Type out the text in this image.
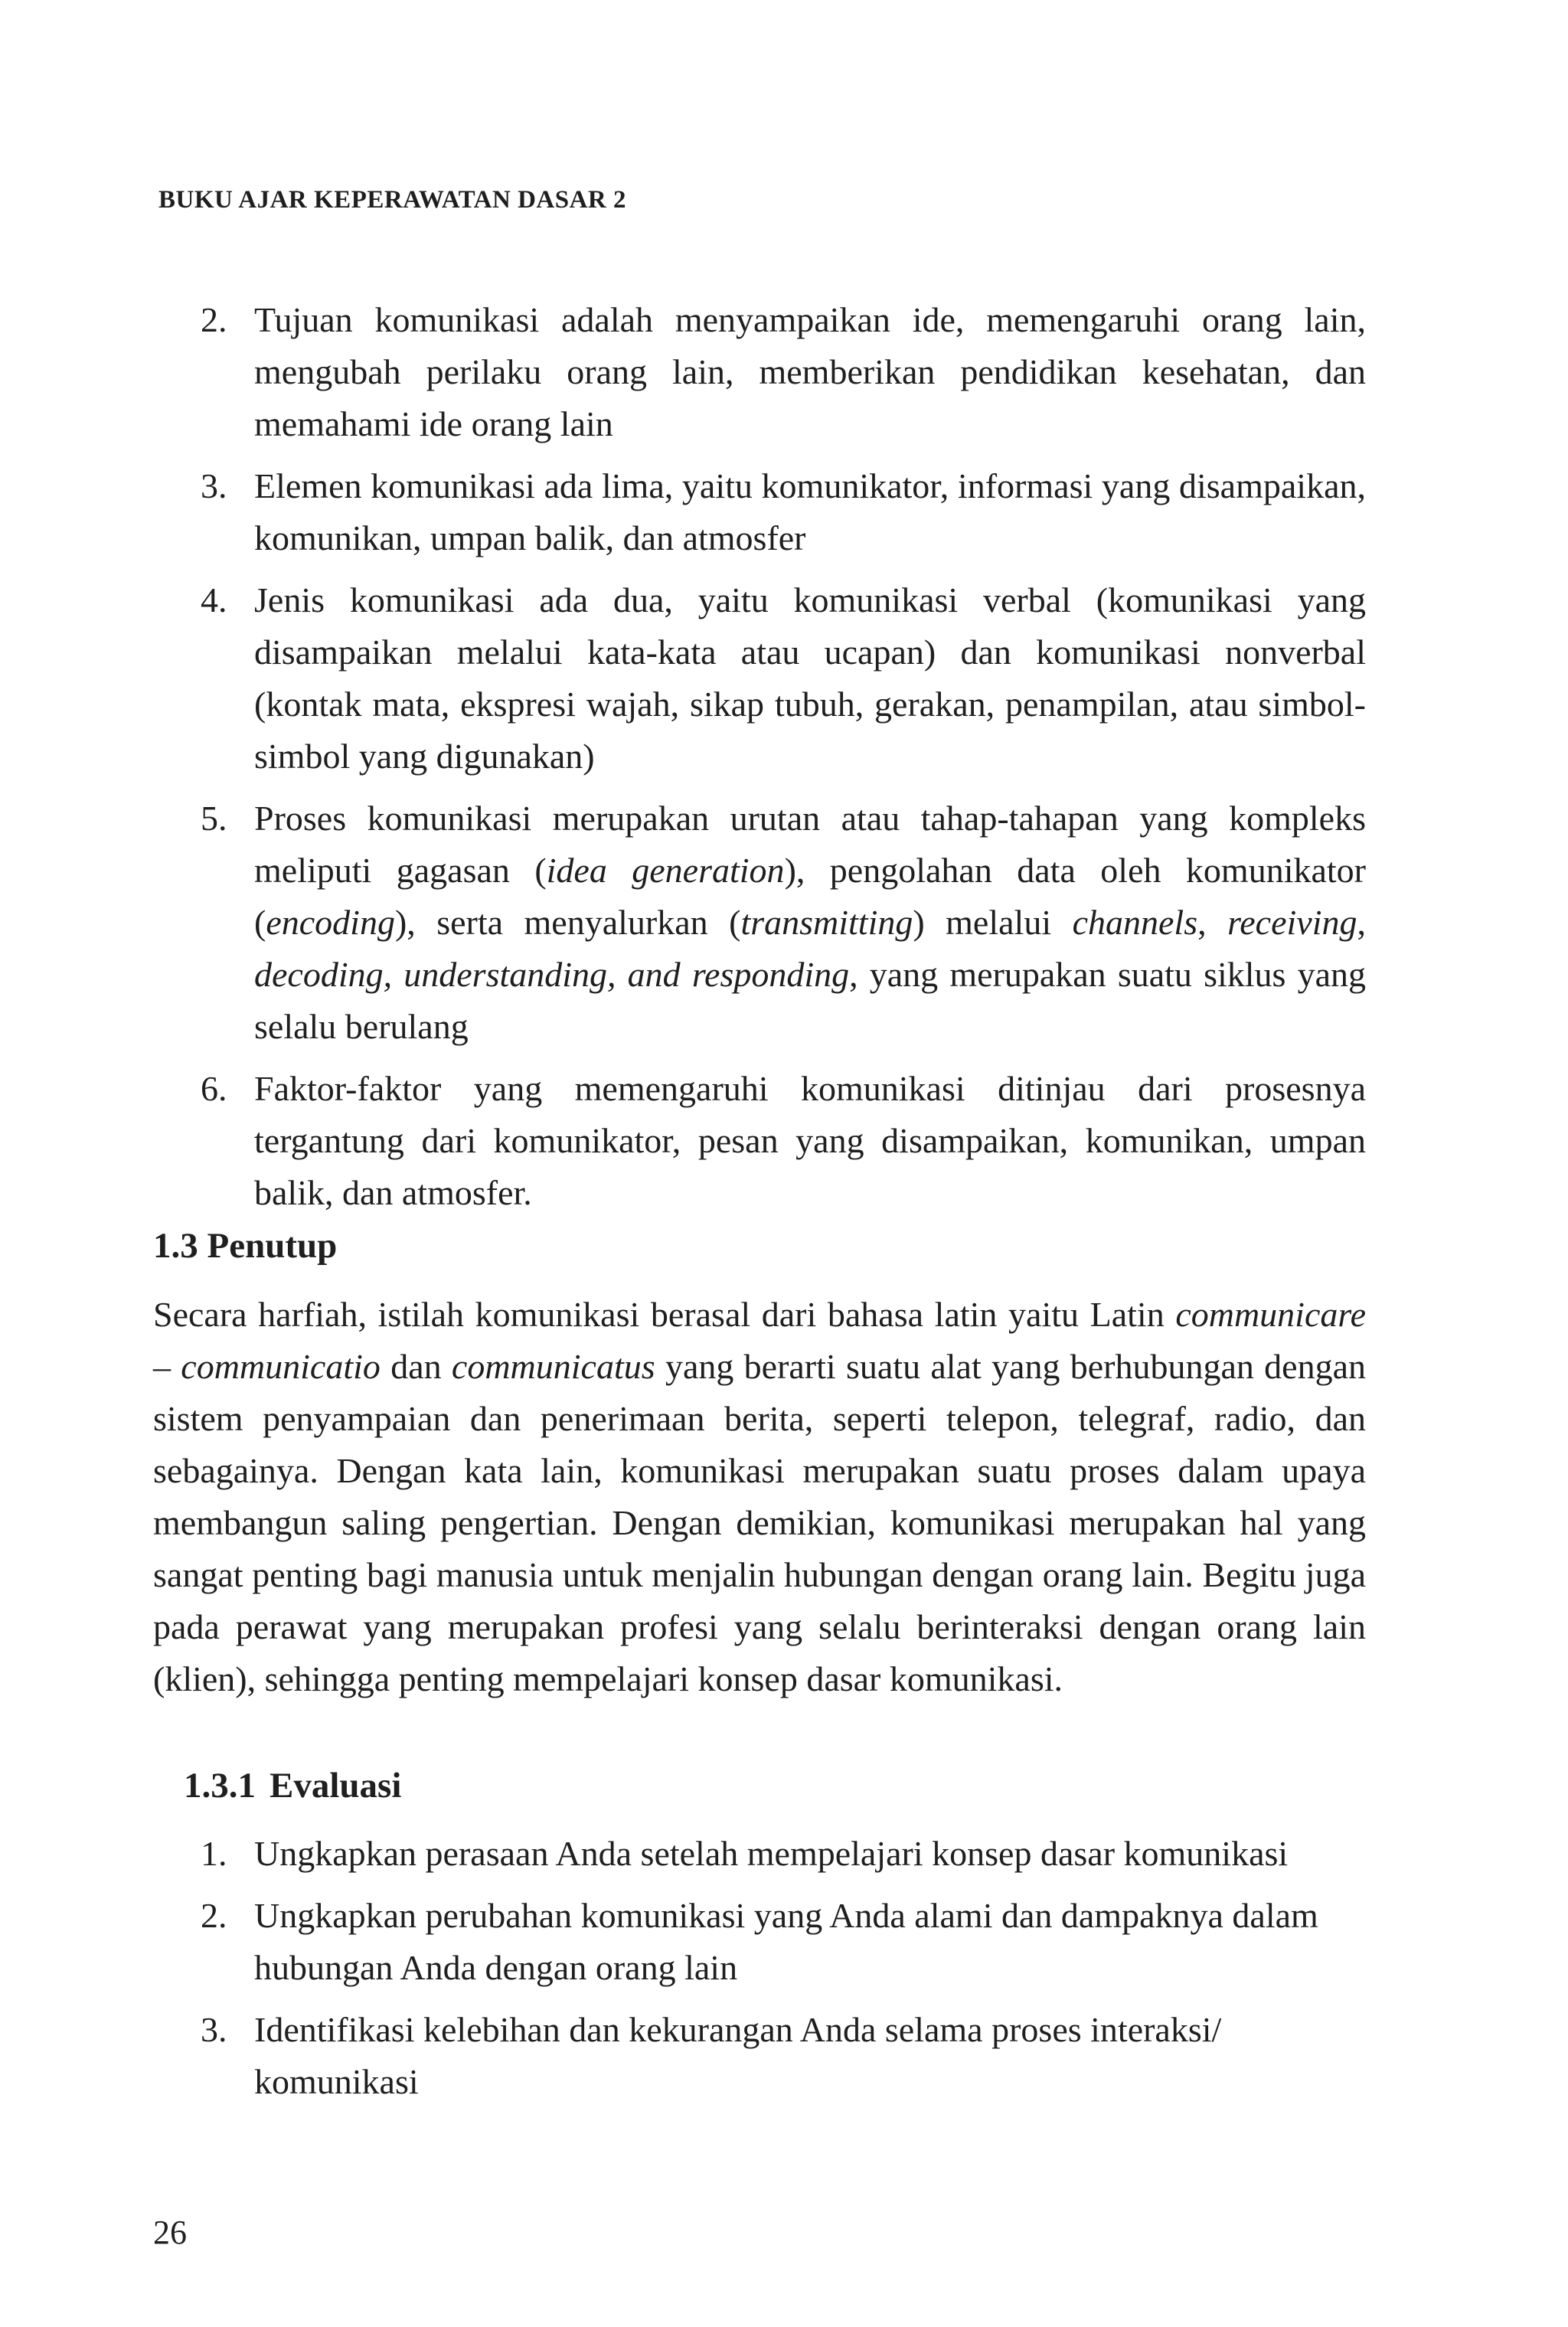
BUKU AJAR KEPERAWATAN DASAR 2
2. Tujuan komunikasi adalah menyampaikan ide, memengaruhi orang lain, mengubah perilaku orang lain, memberikan pendidikan kesehatan, dan memahami ide orang lain
3. Elemen komunikasi ada lima, yaitu komunikator, informasi yang disampaikan, komunikan, umpan balik, dan atmosfer
4. Jenis komunikasi ada dua, yaitu komunikasi verbal (komunikasi yang disampaikan melalui kata-kata atau ucapan) dan komunikasi nonverbal (kontak mata, ekspresi wajah, sikap tubuh, gerakan, penampilan, atau simbol-simbol yang digunakan)
5. Proses komunikasi merupakan urutan atau tahap-tahapan yang kompleks meliputi gagasan (idea generation), pengolahan data oleh komunikator (encoding), serta menyalurkan (transmitting) melalui channels, receiving, decoding, understanding, and responding, yang merupakan suatu siklus yang selalu berulang
6. Faktor-faktor yang memengaruhi komunikasi ditinjau dari prosesnya tergantung dari komunikator, pesan yang disampaikan, komunikan, umpan balik, dan atmosfer.
1.3 Penutup

Secara harfiah, istilah komunikasi berasal dari bahasa latin yaitu Latin communicare – communicatio dan communicatus yang berarti suatu alat yang berhubungan dengan sistem penyampaian dan penerimaan berita, seperti telepon, telegraf, radio, dan sebagainya. Dengan kata lain, komunikasi merupakan suatu proses dalam upaya membangun saling pengertian. Dengan demikian, komunikasi merupakan hal yang sangat penting bagi manusia untuk menjalin hubungan dengan orang lain. Begitu juga pada perawat yang merupakan profesi yang selalu berinteraksi dengan orang lain (klien), sehingga penting mempelajari konsep dasar komunikasi.

1.3.1 Evaluasi
1. Ungkapkan perasaan Anda setelah mempelajari konsep dasar komunikasi
2. Ungkapkan perubahan komunikasi yang Anda alami dan dampaknya dalam hubungan Anda dengan orang lain
3. Identifikasi kelebihan dan kekurangan Anda selama proses interaksi/ komunikasi
26
